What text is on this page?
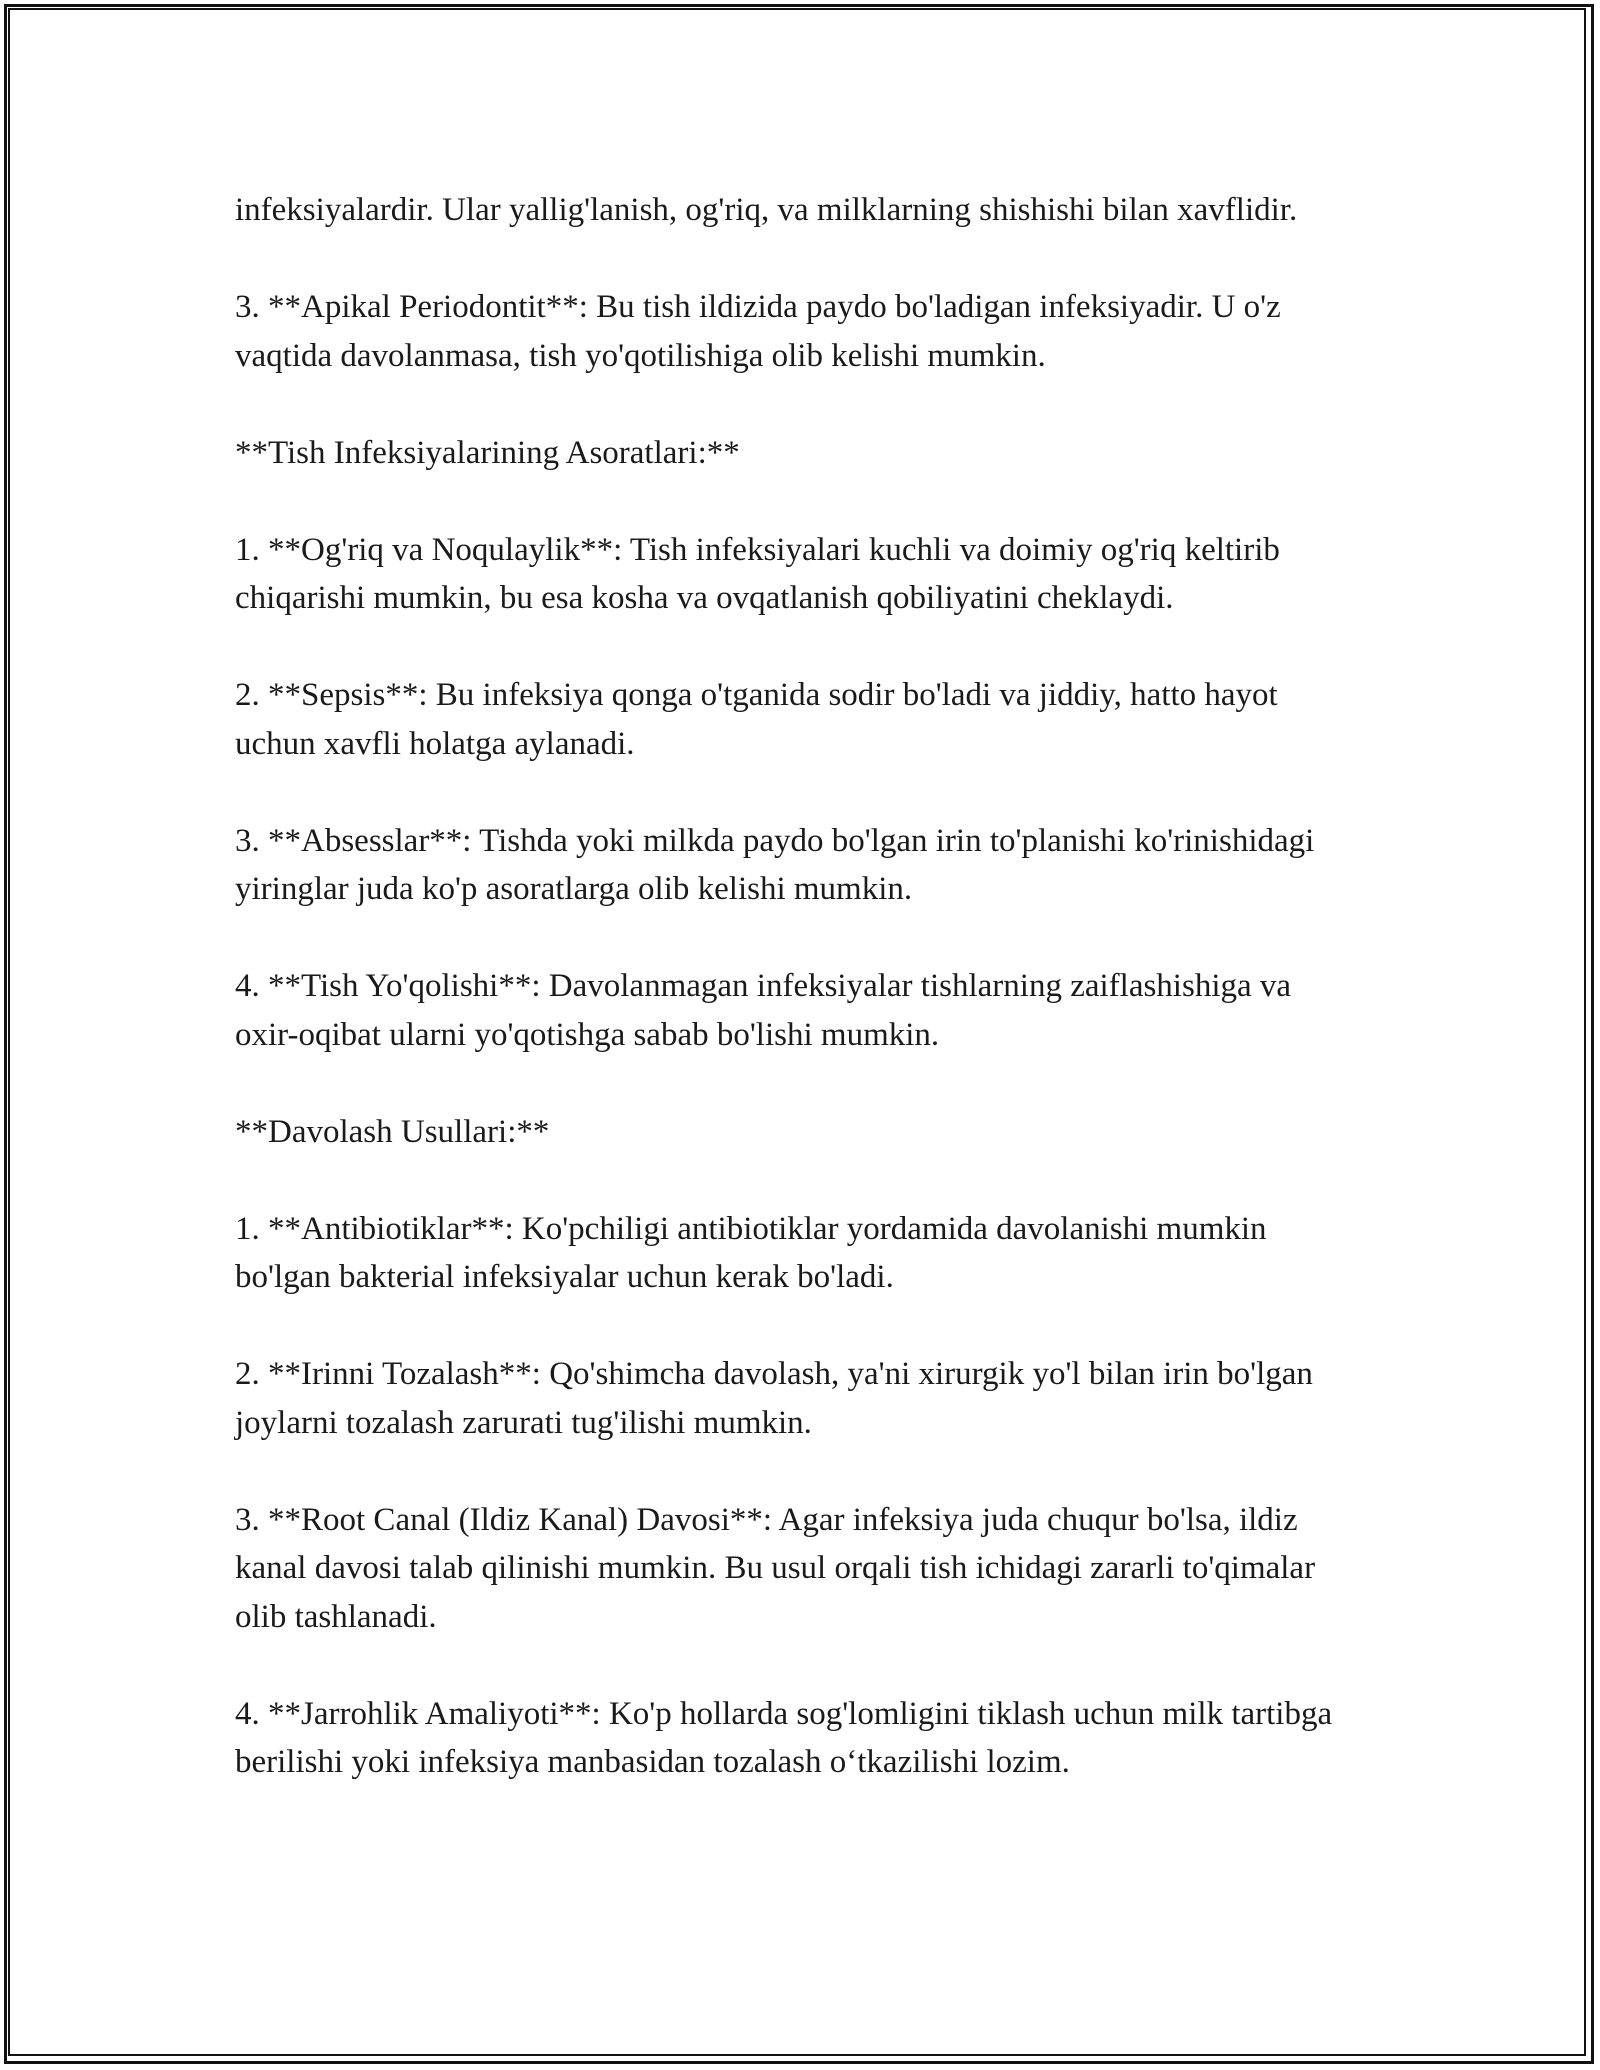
infeksiyalardir. Ular yallig'lanish, og'riq, va milklarning shishishi bilan xavflidir.

3. **Apikal Periodontit**: Bu tish ildizida paydo bo'ladigan infeksiyadir. U o'z vaqtida davolanmasa, tish yo'qotilishiga olib kelishi mumkin.

**Tish Infeksiyalarining Asoratlari:**

1. **Og'riq va Noqulaylik**: Tish infeksiyalari kuchli va doimiy og'riq keltirib chiqarishi mumkin, bu esa kosha va ovqatlanish qobiliyatini cheklaydi.

2. **Sepsis**: Bu infeksiya qonga o'tganida sodir bo'ladi va jiddiy, hatto hayot uchun xavfli holatga aylanadi.

3. **Absesslar**: Tishda yoki milkda paydo bo'lgan irin to'planishi ko'rinishidagi yiringlar juda ko'p asoratlarga olib kelishi mumkin.

4. **Tish Yo'qolishi**: Davolanmagan infeksiyalar tishlarning zaiflashishiga va oxir-oqibat ularni yo'qotishga sabab bo'lishi mumkin.

**Davolash Usullari:**

1. **Antibiotiklar**: Ko'pchiligi antibiotiklar yordamida davolanishi mumkin bo'lgan bakterial infeksiyalar uchun kerak bo'ladi.

2. **Irinni Tozalash**: Qo'shimcha davolash, ya'ni xirurgik yo'l bilan irin bo'lgan joylarni tozalash zarurati tug'ilishi mumkin.

3. **Root Canal (Ildiz Kanal) Davosi**: Agar infeksiya juda chuqur bo'lsa, ildiz kanal davosi talab qilinishi mumkin. Bu usul orqali tish ichidagi zararli to'qimalar olib tashlanadi.

4. **Jarrohlik Amaliyoti**: Ko'p hollarda sog'lomligini tiklash uchun milk tartibga berilishi yoki infeksiya manbasidan tozalash o‘tkazilishi lozim.
